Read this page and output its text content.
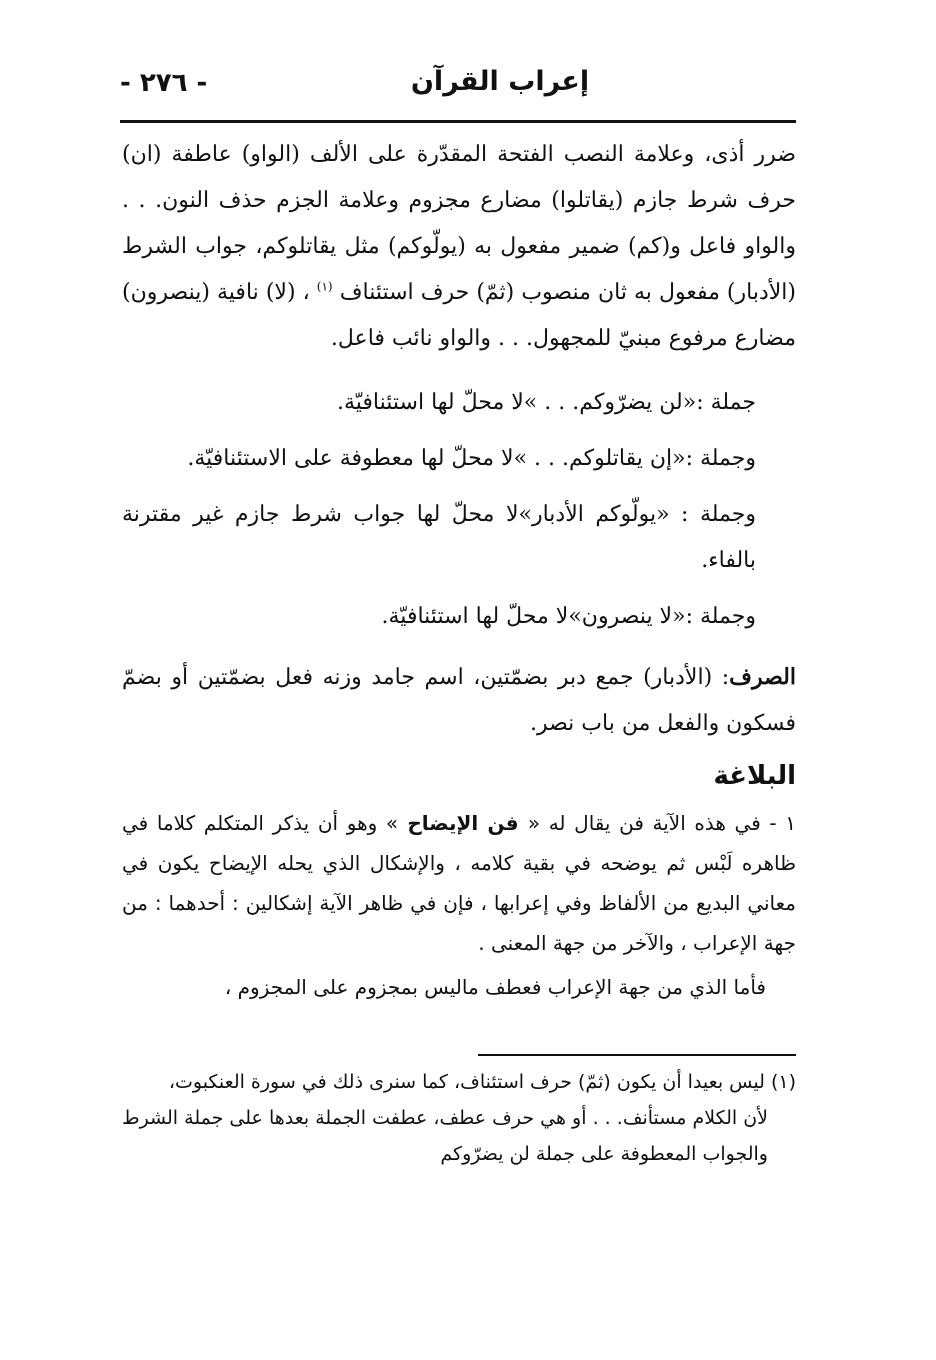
- ٢٧٦ -	إعراب القرآن

ضرر أذى، وعلامة النصب الفتحة المقدّرة على الألف (الواو) عاطفة (ان) حرف شرط جازم (يقاتلوا) مضارع مجزوم وعلامة الجزم حذف النون. . . والواو فاعل و(كم) ضمير مفعول به (يولّوكم) مثل يقاتلوكم، جواب الشرط (الأدبار) مفعول به ثان منصوب (ثمّ) حرف استئناف $^{(١)}$ ، (لا) نافية (ينصرون) مضارع مرفوع مبنيّ للمجهول. . . والواو نائب فاعل.

جملة :«لن يضرّوكم. . . »لا محلّ لها استئنافيّة.

وجملة :«إن يقاتلوكم. . . »لا محلّ لها معطوفة على الاستئنافيّة.

وجملة : «يولّوكم الأدبار»لا محلّ لها جواب شرط جازم غير مقترنة بالفاء.

وجملة :«لا ينصرون»لا محلّ لها استئنافيّة.

الصرف: (الأدبار) جمع دبر بضمّتين، اسم جامد وزنه فعل بضمّتين أو بضمّ فسكون والفعل من باب نصر.

البلاغة

١ - في هذه الآية فن يقال له « فن الإيضاح » وهو أن يذكر المتكلم كلاما في ظاهره لَبْس ثم يوضحه في بقية كلامه ، والإشكال الذي يحله الإيضاح يكون في معاني البديع من الألفاظ وفي إعرابها ، فإن في ظاهر الآية إشكالين : أحدهما : من جهة الإعراب ، والآخر من جهة المعنى .

فأما الذي من جهة الإعراب فعطف ماليس بمجزوم على المجزوم ،

(١) ليس بعيدا أن يكون (ثمّ) حرف استئناف، كما سنرى ذلك في سورة العنكبوت،

لأن الكلام مستأنف. . . أو هي حرف عطف، عطفت الجملة بعدها على جملة الشرط والجواب المعطوفة على جملة لن يضرّوكم
